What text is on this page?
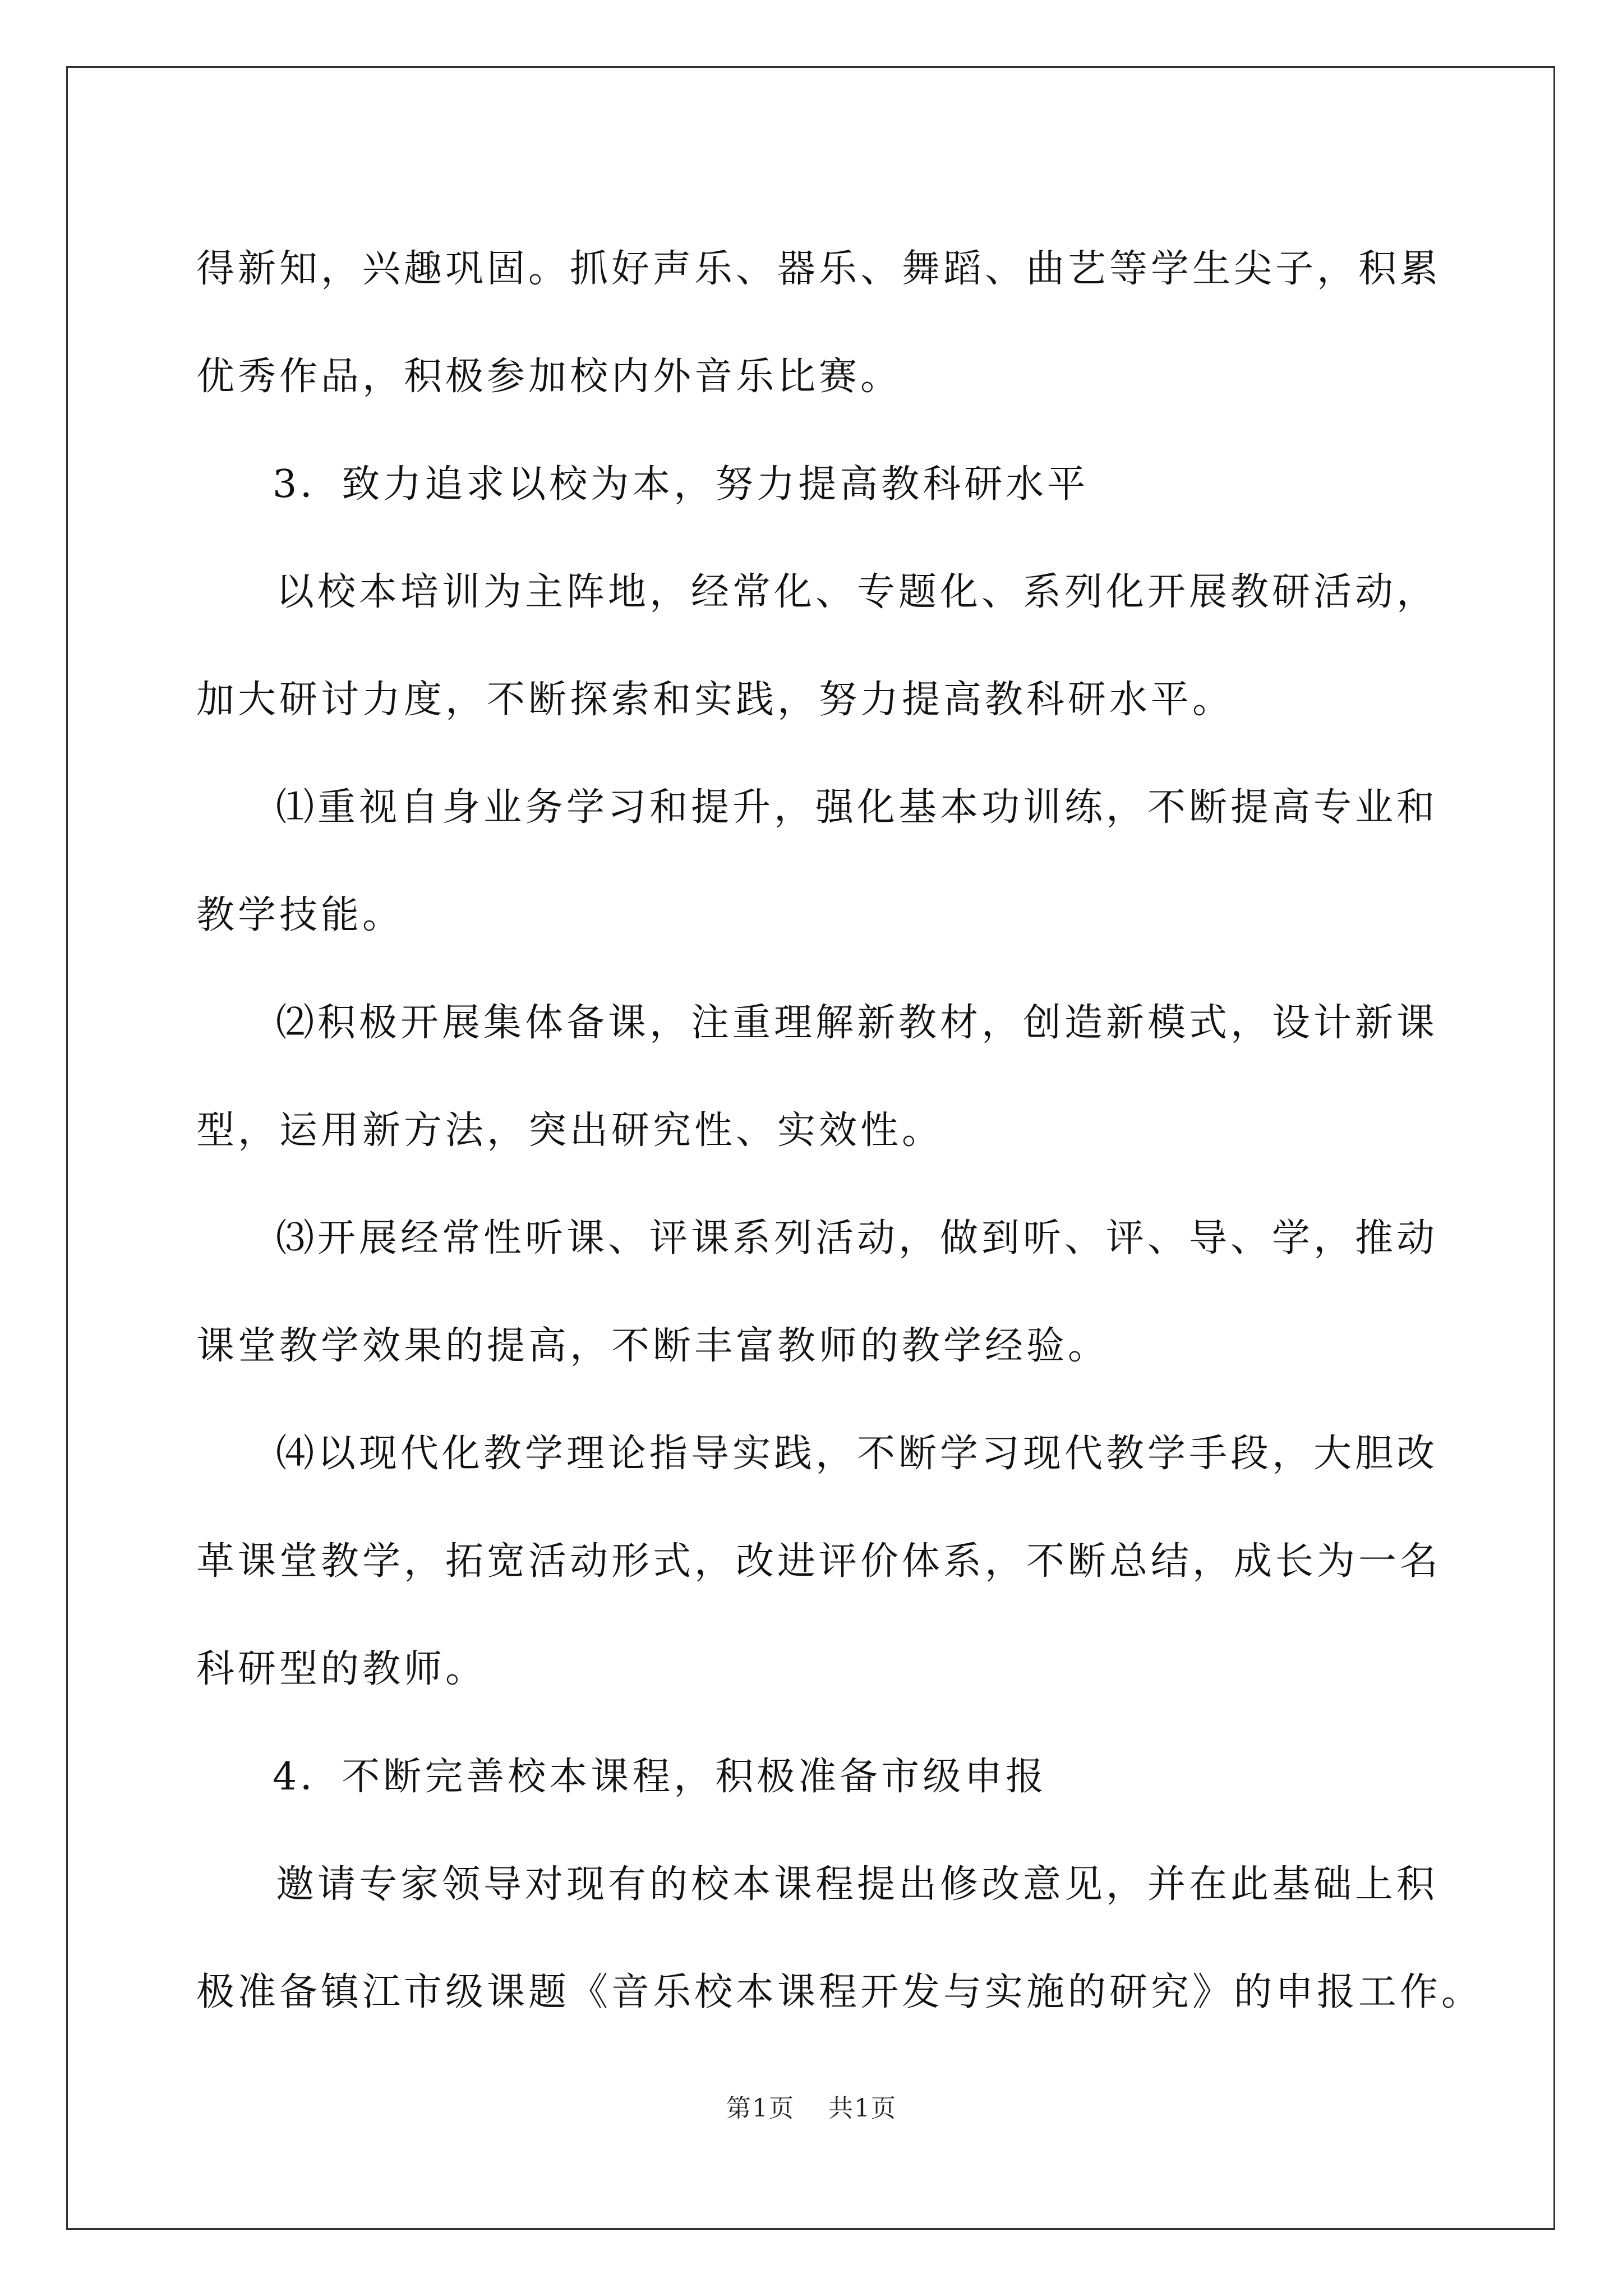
得新知，兴趣巩固。抓好声乐、器乐、舞蹈、曲艺等学生尖子，积累
优秀作品，积极参加校内外音乐比赛。
3．致力追求以校为本，努力提高教科研水平
以校本培训为主阵地，经常化、专题化、系列化开展教研活动，
加大研讨力度，不断探索和实践，努力提高教科研水平。
⑴重视自身业务学习和提升，强化基本功训练，不断提高专业和
教学技能。
⑵积极开展集体备课，注重理解新教材，创造新模式，设计新课
型，运用新方法，突出研究性、实效性。
⑶开展经常性听课、评课系列活动，做到听、评、导、学，推动
课堂教学效果的提高，不断丰富教师的教学经验。
⑷以现代化教学理论指导实践，不断学习现代教学手段，大胆改
革课堂教学，拓宽活动形式，改进评价体系，不断总结，成长为一名
科研型的教师。
4．不断完善校本课程，积极准备市级申报
邀请专家领导对现有的校本课程提出修改意见，并在此基础上积
极准备镇江市级课题《音乐校本课程开发与实施的研究》的申报工作。
第1页 共1页
